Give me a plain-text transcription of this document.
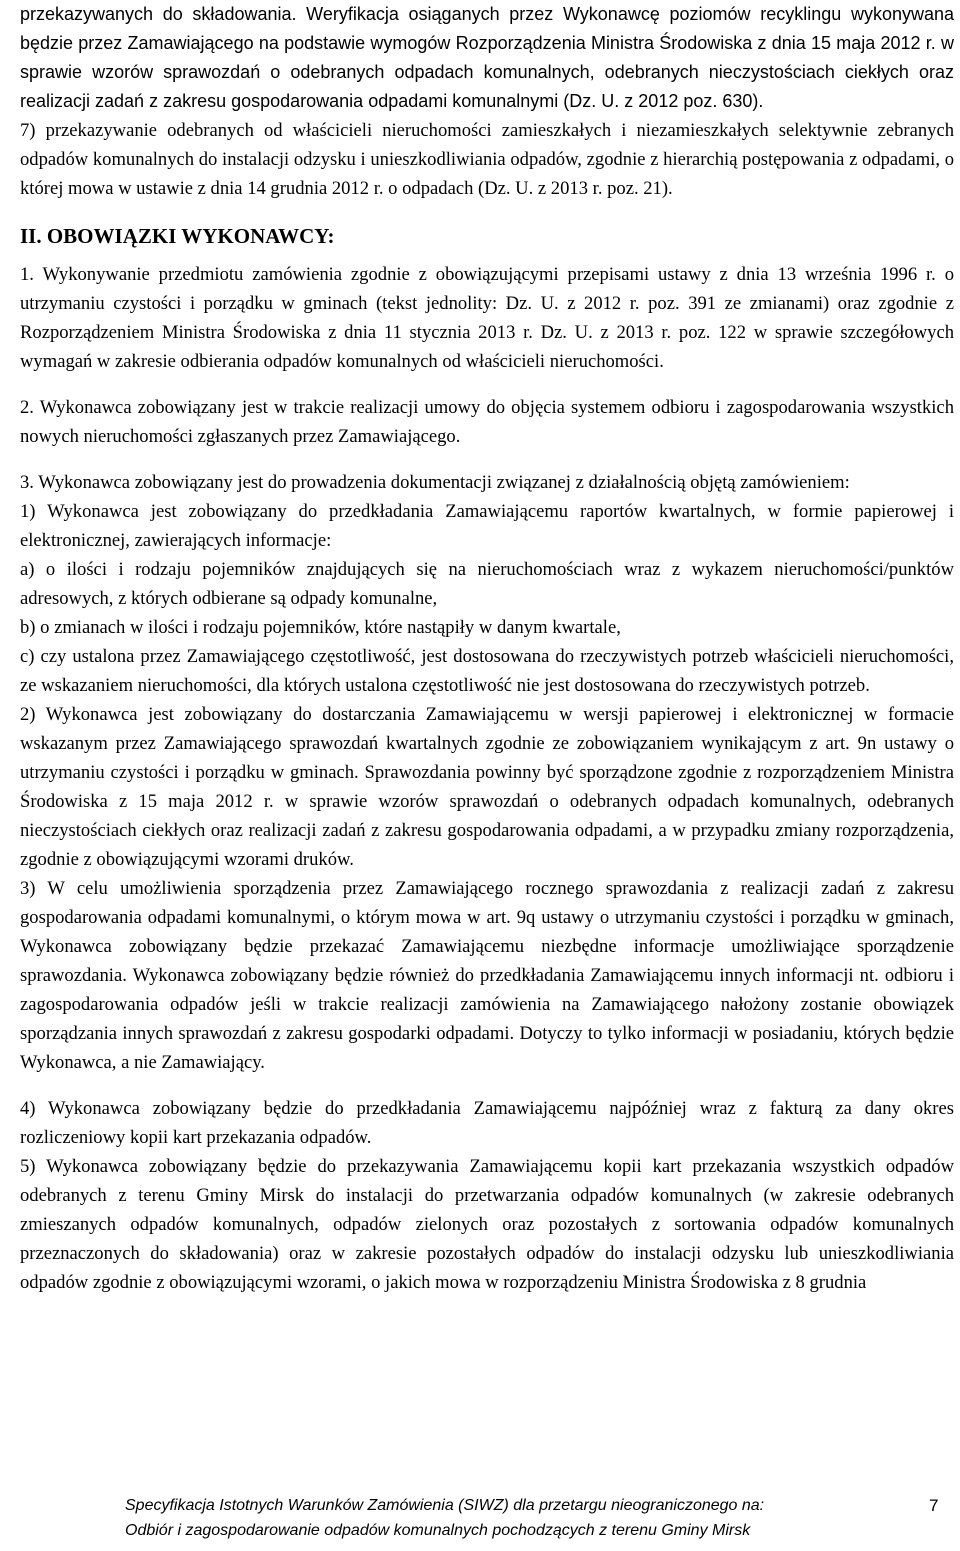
przekazywanych do składowania. Weryfikacja osiąganych przez Wykonawcę poziomów recyklingu wykonywana będzie przez Zamawiającego na podstawie wymogów Rozporządzenia Ministra Środowiska z dnia 15 maja 2012 r. w sprawie wzorów sprawozdań o odebranych odpadach komunalnych, odebranych nieczystościach ciekłych oraz realizacji zadań z zakresu gospodarowania odpadami komunalnymi (Dz. U. z 2012 poz. 630).

7) przekazywanie odebranych od właścicieli nieruchomości zamieszkałych i niezamieszkałych selektywnie zebranych odpadów komunalnych do instalacji odzysku i unieszkodliwiania odpadów, zgodnie z hierarchią postępowania z odpadami, o której mowa w ustawie z dnia 14 grudnia 2012 r. o odpadach (Dz. U. z 2013 r. poz. 21).

II. OBOWIĄZKI WYKONAWCY:

1. Wykonywanie przedmiotu zamówienia zgodnie z obowiązującymi przepisami ustawy z dnia 13 września 1996 r. o utrzymaniu czystości i porządku w gminach (tekst jednolity: Dz. U. z 2012 r. poz. 391 ze zmianami) oraz zgodnie z Rozporządzeniem Ministra Środowiska z dnia 11 stycznia 2013 r. Dz. U. z 2013 r. poz. 122 w sprawie szczegółowych wymagań w zakresie odbierania odpadów komunalnych od właścicieli nieruchomości.

2. Wykonawca zobowiązany jest w trakcie realizacji umowy do objęcia systemem odbioru i zagospodarowania wszystkich nowych nieruchomości zgłaszanych przez Zamawiającego.

3. Wykonawca zobowiązany jest do prowadzenia dokumentacji związanej z działalnością objętą zamówieniem:

1) Wykonawca jest zobowiązany do przedkładania Zamawiającemu raportów kwartalnych, w formie papierowej i elektronicznej, zawierających informacje:

a) o ilości i rodzaju pojemników znajdujących się na nieruchomościach wraz z wykazem nieruchomości/punktów adresowych, z których odbierane są odpady komunalne,

b) o zmianach w ilości i rodzaju pojemników, które nastąpiły w danym kwartale,

c) czy ustalona przez Zamawiającego częstotliwość, jest dostosowana do rzeczywistych potrzeb właścicieli nieruchomości, ze wskazaniem nieruchomości, dla których ustalona częstotliwość nie jest dostosowana do rzeczywistych potrzeb.

2) Wykonawca jest zobowiązany do dostarczania Zamawiającemu w wersji papierowej i elektronicznej w formacie wskazanym przez Zamawiającego sprawozdań kwartalnych zgodnie ze zobowiązaniem wynikającym z art. 9n ustawy o utrzymaniu czystości i porządku w gminach. Sprawozdania powinny być sporządzone zgodnie z rozporządzeniem Ministra Środowiska z 15 maja 2012 r. w sprawie wzorów sprawozdań o odebranych odpadach komunalnych, odebranych nieczystościach ciekłych oraz realizacji zadań z zakresu gospodarowania odpadami, a w przypadku zmiany rozporządzenia, zgodnie z obowiązującymi wzorami druków.

3) W celu umożliwienia sporządzenia przez Zamawiającego rocznego sprawozdania z realizacji zadań z zakresu gospodarowania odpadami komunalnymi, o którym mowa w art. 9q ustawy o utrzymaniu czystości i porządku w gminach, Wykonawca zobowiązany będzie przekazać Zamawiającemu niezbędne informacje umożliwiające sporządzenie sprawozdania. Wykonawca zobowiązany będzie również do przedkładania Zamawiającemu innych informacji nt. odbioru i zagospodarowania odpadów jeśli w trakcie realizacji zamówienia na Zamawiającego nałożony zostanie obowiązek sporządzania innych sprawozdań z zakresu gospodarki odpadami. Dotyczy to tylko informacji w posiadaniu, których będzie Wykonawca, a nie Zamawiający.

4) Wykonawca zobowiązany będzie do przedkładania Zamawiającemu najpóźniej wraz z fakturą za dany okres rozliczeniowy kopii kart przekazania odpadów.

5) Wykonawca zobowiązany będzie do przekazywania Zamawiającemu kopii kart przekazania wszystkich odpadów odebranych z terenu Gminy Mirsk do instalacji do przetwarzania odpadów komunalnych (w zakresie odebranych zmieszanych odpadów komunalnych, odpadów zielonych oraz pozostałych z sortowania odpadów komunalnych przeznaczonych do składowania) oraz w zakresie pozostałych odpadów do instalacji odzysku lub unieszkodliwiania odpadów zgodnie z obowiązującymi wzorami, o jakich mowa w rozporządzeniu Ministra Środowiska z 8 grudnia

Specyfikacja Istotnych Warunków Zamówienia (SIWZ) dla przetargu nieograniczonego na:
Odbiór i zagospodarowanie odpadów komunalnych pochodzących z terenu Gminy Mirsk
7
